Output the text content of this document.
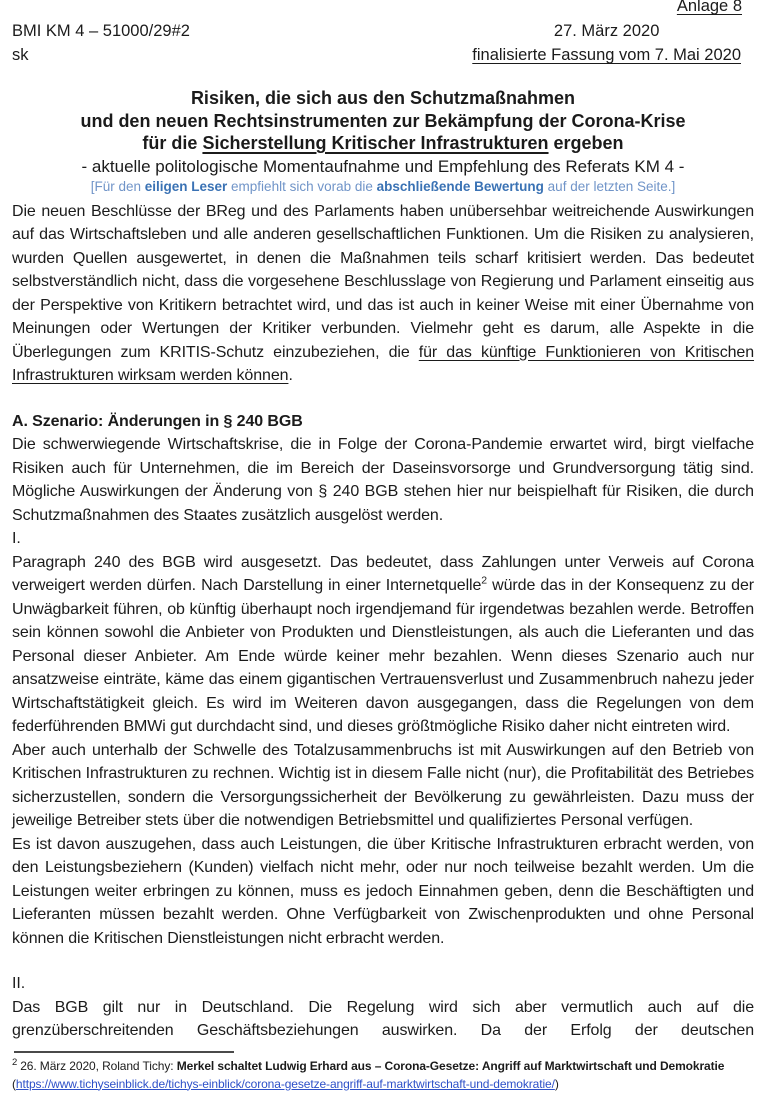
Anlage 8
BMI KM 4 – 51000/29#2
sk
27. März 2020
finalisierte Fassung vom 7. Mai 2020
Risiken, die sich aus den Schutzmaßnahmen
und den neuen Rechtsinstrumenten zur Bekämpfung der Corona-Krise
für die Sicherstellung Kritischer Infrastrukturen ergeben
- aktuelle politologische Momentaufnahme und Empfehlung des Referats KM 4 -
[Für den eiligen Leser empfiehlt sich vorab die abschließende Bewertung auf der letzten Seite.]

Die neuen Beschlüsse der BReg und des Parlaments haben unübersehbar weitreichende Auswirkungen auf das Wirtschaftsleben und alle anderen gesellschaftlichen Funktionen. Um die Risiken zu analysieren, wurden Quellen ausgewertet, in denen die Maßnahmen teils scharf kritisiert werden. Das bedeutet selbstverständlich nicht, dass die vorgesehene Beschlusslage von Regierung und Parlament einseitig aus der Perspektive von Kritikern betrachtet wird, und das ist auch in keiner Weise mit einer Übernahme von Meinungen oder Wertungen der Kritiker verbunden. Vielmehr geht es darum, alle Aspekte in die Überlegungen zum KRITIS-Schutz einzubeziehen, die für das künftige Funktionieren von Kritischen Infrastrukturen wirksam werden können.

A. Szenario: Änderungen in § 240 BGB

Die schwerwiegende Wirtschaftskrise, die in Folge der Corona-Pandemie erwartet wird, birgt vielfache Risiken auch für Unternehmen, die im Bereich der Daseinsvorsorge und Grundversorgung tätig sind. Mögliche Auswirkungen der Änderung von § 240 BGB stehen hier nur beispielhaft für Risiken, die durch Schutzmaßnahmen des Staates zusätzlich ausgelöst werden.

I.

Paragraph 240 des BGB wird ausgesetzt. Das bedeutet, dass Zahlungen unter Verweis auf Corona verweigert werden dürfen. Nach Darstellung in einer Internetquelle$^2$ würde das in der Konsequenz zu der Unwägbarkeit führen, ob künftig überhaupt noch irgendjemand für irgendetwas bezahlen werde. Betroffen sein können sowohl die Anbieter von Produkten und Dienstleistungen, als auch die Lieferanten und das Personal dieser Anbieter. Am Ende würde keiner mehr bezahlen. Wenn dieses Szenario auch nur ansatzweise einträte, käme das einem gigantischen Vertrauensverlust und Zusammenbruch nahezu jeder Wirtschaftstätigkeit gleich. Es wird im Weiteren davon ausgegangen, dass die Regelungen von dem federführenden BMWi gut durchdacht sind, und dieses größtmögliche Risiko daher nicht eintreten wird.

Aber auch unterhalb der Schwelle des Totalzusammenbruchs ist mit Auswirkungen auf den Betrieb von Kritischen Infrastrukturen zu rechnen. Wichtig ist in diesem Falle nicht (nur), die Profitabilität des Betriebes sicherzustellen, sondern die Versorgungssicherheit der Bevölkerung zu gewährleisten. Dazu muss der jeweilige Betreiber stets über die notwendigen Betriebsmittel und qualifiziertes Personal verfügen.

Es ist davon auszugehen, dass auch Leistungen, die über Kritische Infrastrukturen erbracht werden, von den Leistungsbeziehern (Kunden) vielfach nicht mehr, oder nur noch teilweise bezahlt werden. Um die Leistungen weiter erbringen zu können, muss es jedoch Einnahmen geben, denn die Beschäftigten und Lieferanten müssen bezahlt werden. Ohne Verfügbarkeit von Zwischenprodukten und ohne Personal können die Kritischen Dienstleistungen nicht erbracht werden.

II.

Das BGB gilt nur in Deutschland. Die Regelung wird sich aber vermutlich auch auf die grenzüberschreitenden Geschäftsbeziehungen auswirken. Da der Erfolg der deutschen

$^2$ 26. März 2020, Roland Tichy: Merkel schaltet Ludwig Erhard aus – Corona-Gesetze: Angriff auf Marktwirtschaft und Demokratie
(https://www.tichyseinblick.de/tichys-einblick/corona-gesetze-angriff-auf-marktwirtschaft-und-demokratie/)
